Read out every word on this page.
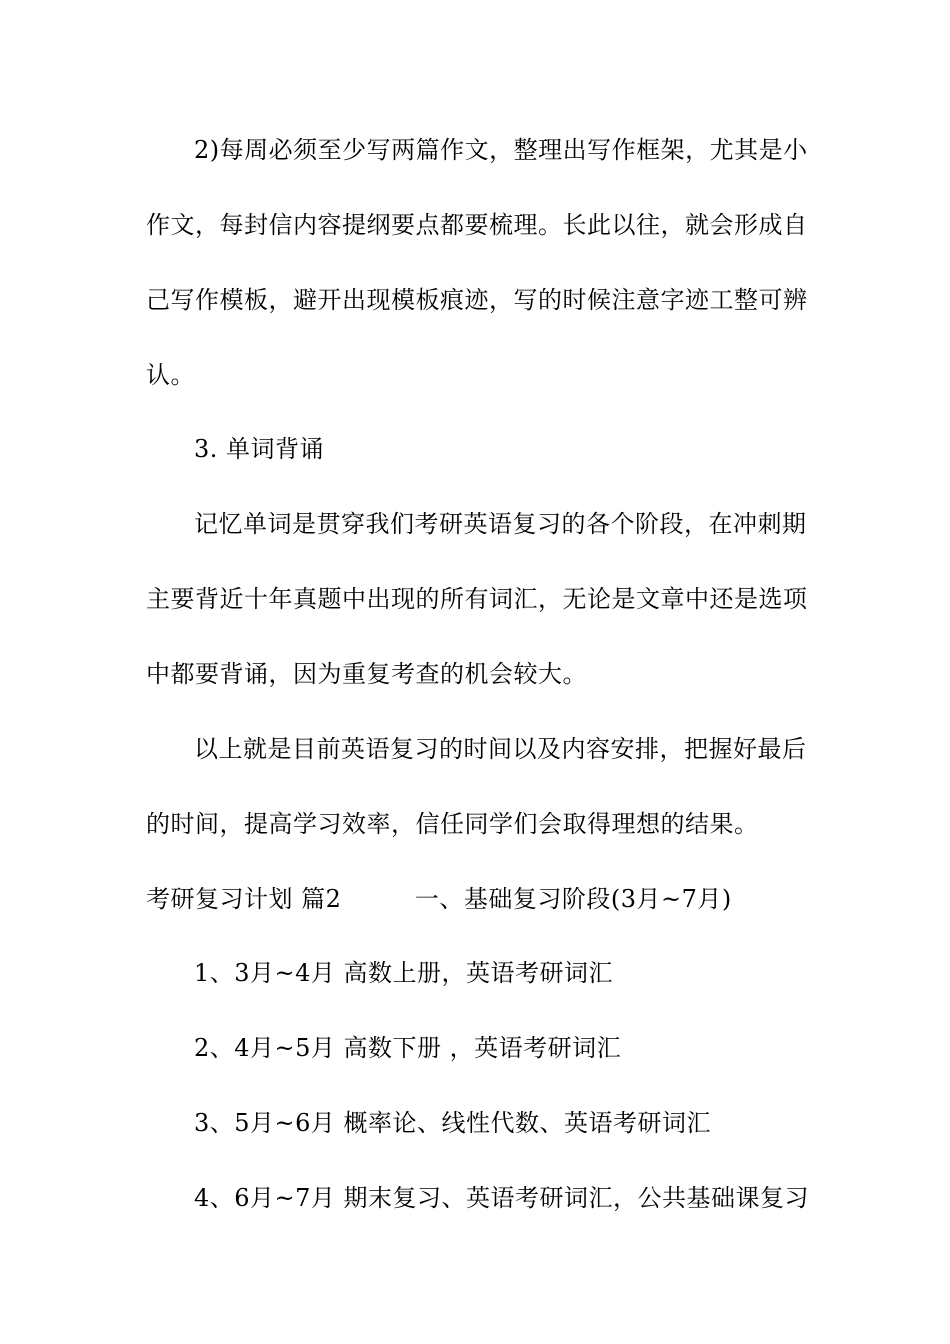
2)每周必须至少写两篇作文，整理出写作框架，尤其是小
作文，每封信内容提纲要点都要梳理。长此以往，就会形成自
己写作模板，避开出现模板痕迹，写的时候注意字迹工整可辨
认。
3. 单词背诵
记忆单词是贯穿我们考研英语复习的各个阶段，在冲刺期
主要背近十年真题中出现的所有词汇，无论是文章中还是选项
中都要背诵，因为重复考查的机会较大。
以上就是目前英语复习的时间以及内容安排，把握好最后
的时间，提高学习效率，信任同学们会取得理想的结果。
考研复习计划 篇2　　　一、基础复习阶段(3月~7月)
1、3月~4月 高数上册，英语考研词汇
2、4月~5月 高数下册 ，英语考研词汇
3、5月~6月 概率论、线性代数、英语考研词汇
4、6月~7月 期末复习、英语考研词汇，公共基础课复习
